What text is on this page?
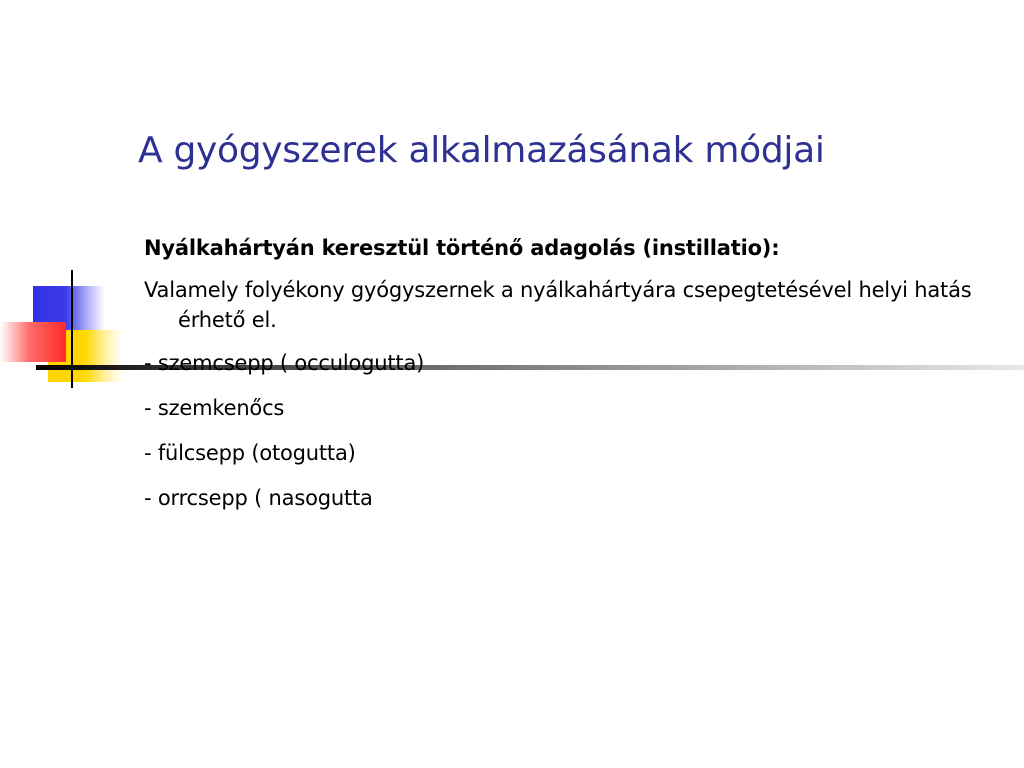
A gyógyszerek alkalmazásának módjai

Nyálkahártyán keresztül történő adagolás (instillatio):

Valamely folyékony gyógyszernek a nyálkahártyára csepegtetésével helyi hatás érhető el.

- szemcsepp ( occulogutta)

- szemkenőcs

- fülcsepp (otogutta)

- orrcsepp ( nasogutta
